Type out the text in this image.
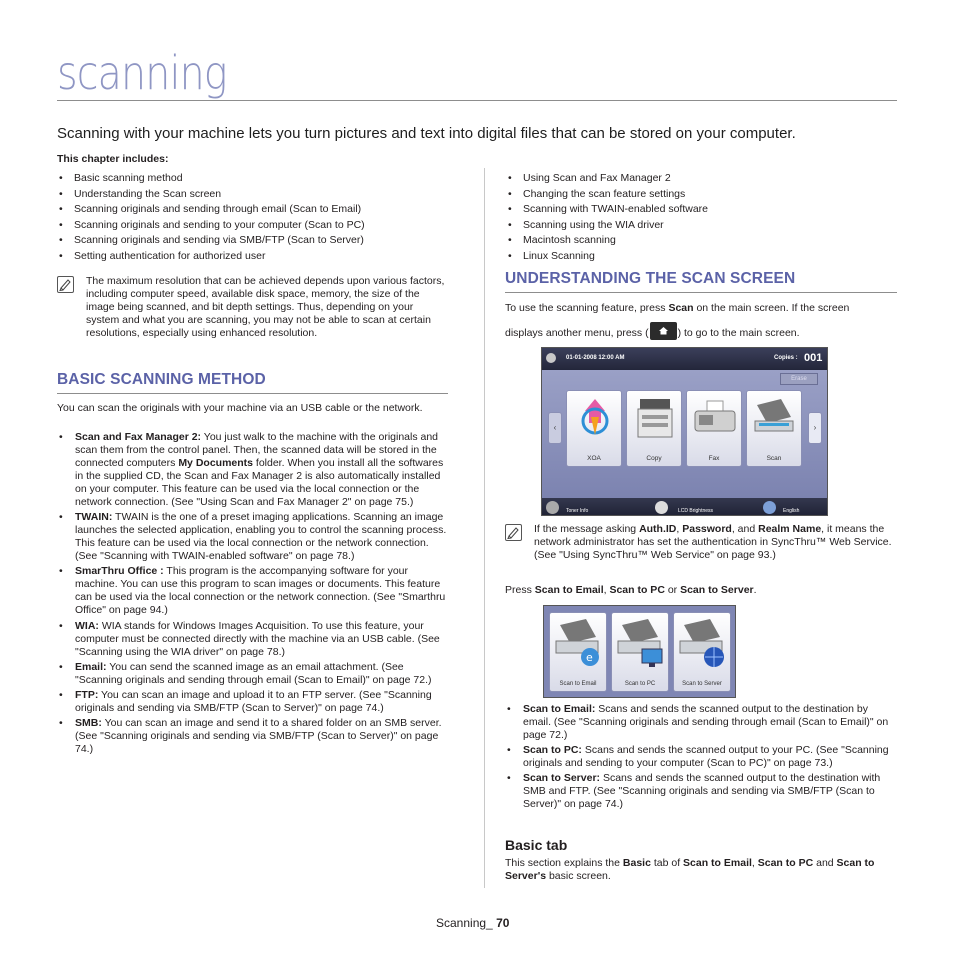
scanning
Scanning with your machine lets you turn pictures and text into digital files that can be stored on your computer.
This chapter includes:
• Basic scanning method
• Understanding the Scan screen
• Scanning originals and sending through email (Scan to Email)
• Scanning originals and sending to your computer (Scan to PC)
• Scanning originals and sending via SMB/FTP (Scan to Server)
• Setting authentication for authorized user
• Using Scan and Fax Manager 2
• Changing the scan feature settings
• Scanning with TWAIN-enabled software
• Scanning using the WIA driver
• Macintosh scanning
• Linux Scanning
The maximum resolution that can be achieved depends upon various factors, including computer speed, available disk space, memory, the size of the image being scanned, and bit depth settings. Thus, depending on your system and what you are scanning, you may not be able to scan at certain resolutions, especially using enhanced resolution.
BASIC SCANNING METHOD
You can scan the originals with your machine via an USB cable or the network.
• Scan and Fax Manager 2: You just walk to the machine with the originals and scan them from the control panel. Then, the scanned data will be stored in the connected computers My Documents folder. When you install all the softwares in the supplied CD, the Scan and Fax Manager 2 is also automatically installed on your computer. This feature can be used via the local connection or the network connection. (See "Using Scan and Fax Manager 2" on page 75.)
• TWAIN: TWAIN is the one of a preset imaging applications. Scanning an image launches the selected application, enabling you to control the scanning process. This feature can be used via the local connection or the network connection. (See "Scanning with TWAIN-enabled software" on page 78.)
• SmarThru Office : This program is the accompanying software for your machine. You can use this program to scan images or documents. This feature can be used via the local connection or the network connection. (See "Smarthru Office" on page 94.)
• WIA: WIA stands for Windows Images Acquisition. To use this feature, your computer must be connected directly with the machine via an USB cable. (See "Scanning using the WIA driver" on page 78.)
• Email: You can send the scanned image as an email attachment. (See "Scanning originals and sending through email (Scan to Email)" on page 72.)
• FTP: You can scan an image and upload it to an FTP server. (See "Scanning originals and sending via SMB/FTP (Scan to Server)" on page 74.)
• SMB: You can scan an image and send it to a shared folder on an SMB server. (See "Scanning originals and sending via SMB/FTP (Scan to Server)" on page 74.)
UNDERSTANDING THE SCAN SCREEN
To use the scanning feature, press Scan on the main screen. If the screen
displays another menu, press (	) to go to the main screen.
01-01-2008 12:00 AM	Copies : 001
Erase
‹
XOA	Copy	Fax	Scan
›
Toner Info	LCD Brightness	English
If the message asking Auth.ID, Password, and Realm Name, it means the network administrator has set the authentication in SyncThru™ Web Service. (See "Using SyncThru™ Web Service" on page 93.)
Press Scan to Email, Scan to PC or Scan to Server.
e
Scan to Email	Scan to PC	Scan to Server
• Scan to Email: Scans and sends the scanned output to the destination by email. (See "Scanning originals and sending through email (Scan to Email)" on page 72.)
• Scan to PC: Scans and sends the scanned output to your PC. (See "Scanning originals and sending to your computer (Scan to PC)" on page 73.)
• Scan to Server: Scans and sends the scanned output to the destination with SMB and FTP. (See "Scanning originals and sending via SMB/FTP (Scan to Server)" on page 74.)
Basic tab
This section explains the Basic tab of Scan to Email, Scan to PC and Scan to Server's basic screen.
Scanning_ 70
